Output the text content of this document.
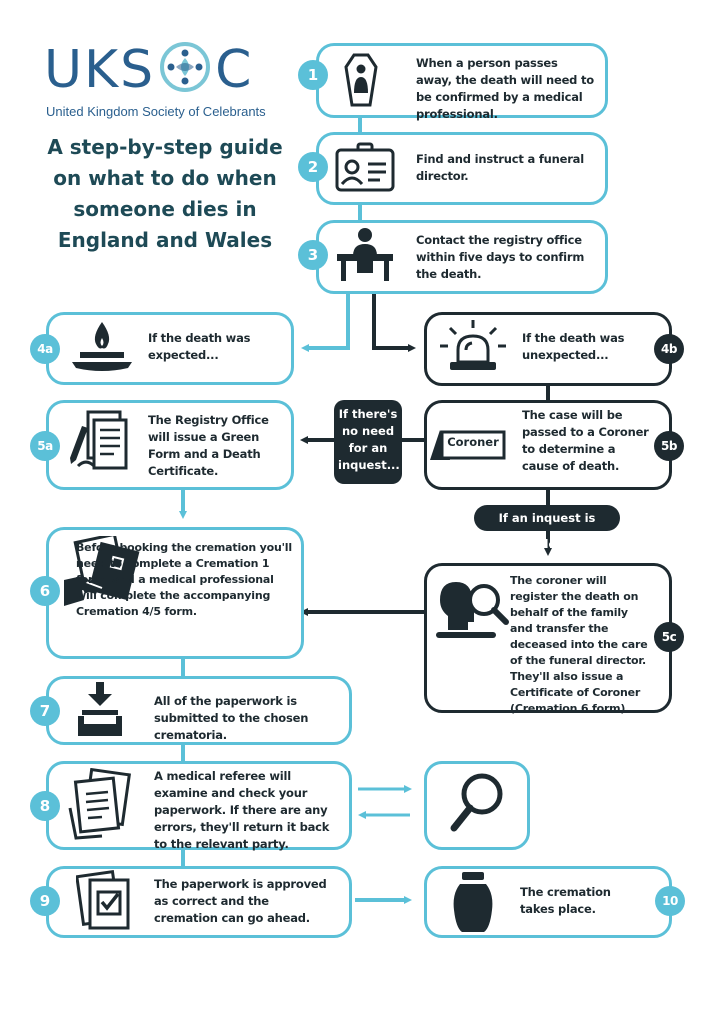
UKS C
United Kingdom Society of Celebrants
A step-by-step guide on what to do when someone dies in England and Wales
1
When a person passes away, the death will need to be confirmed by a medical professional.
2	Find and instruct a funeral director.
3
Contact the registry office within five days to confirm the death.
4a
If the death was expected...	4b
If the death was unexpected...
5a
The Registry Office will issue a Green Form and a Death Certificate.
5b
Coroner
The case will be passed to a Coroner to determine a cause of death.
If there's no need for an inquest...
If an inquest is needed...
5c
The coroner will register the death on behalf of the family and transfer the deceased into the care of the funeral director. They'll also issue a Certificate of Coroner (Cremation 6 form).
6
Before booking the cremation you'll need to complete a Cremation 1 form, and a medical professional will complete the accompanying Cremation 4/5 form.
7
All of the paperwork is submitted to the chosen crematoria.
8
A medical referee will examine and check your paperwork. If there are any errors, they'll return it back to the relevant party.
9
The paperwork is approved as correct and the cremation can go ahead.
10
The cremation takes place.
